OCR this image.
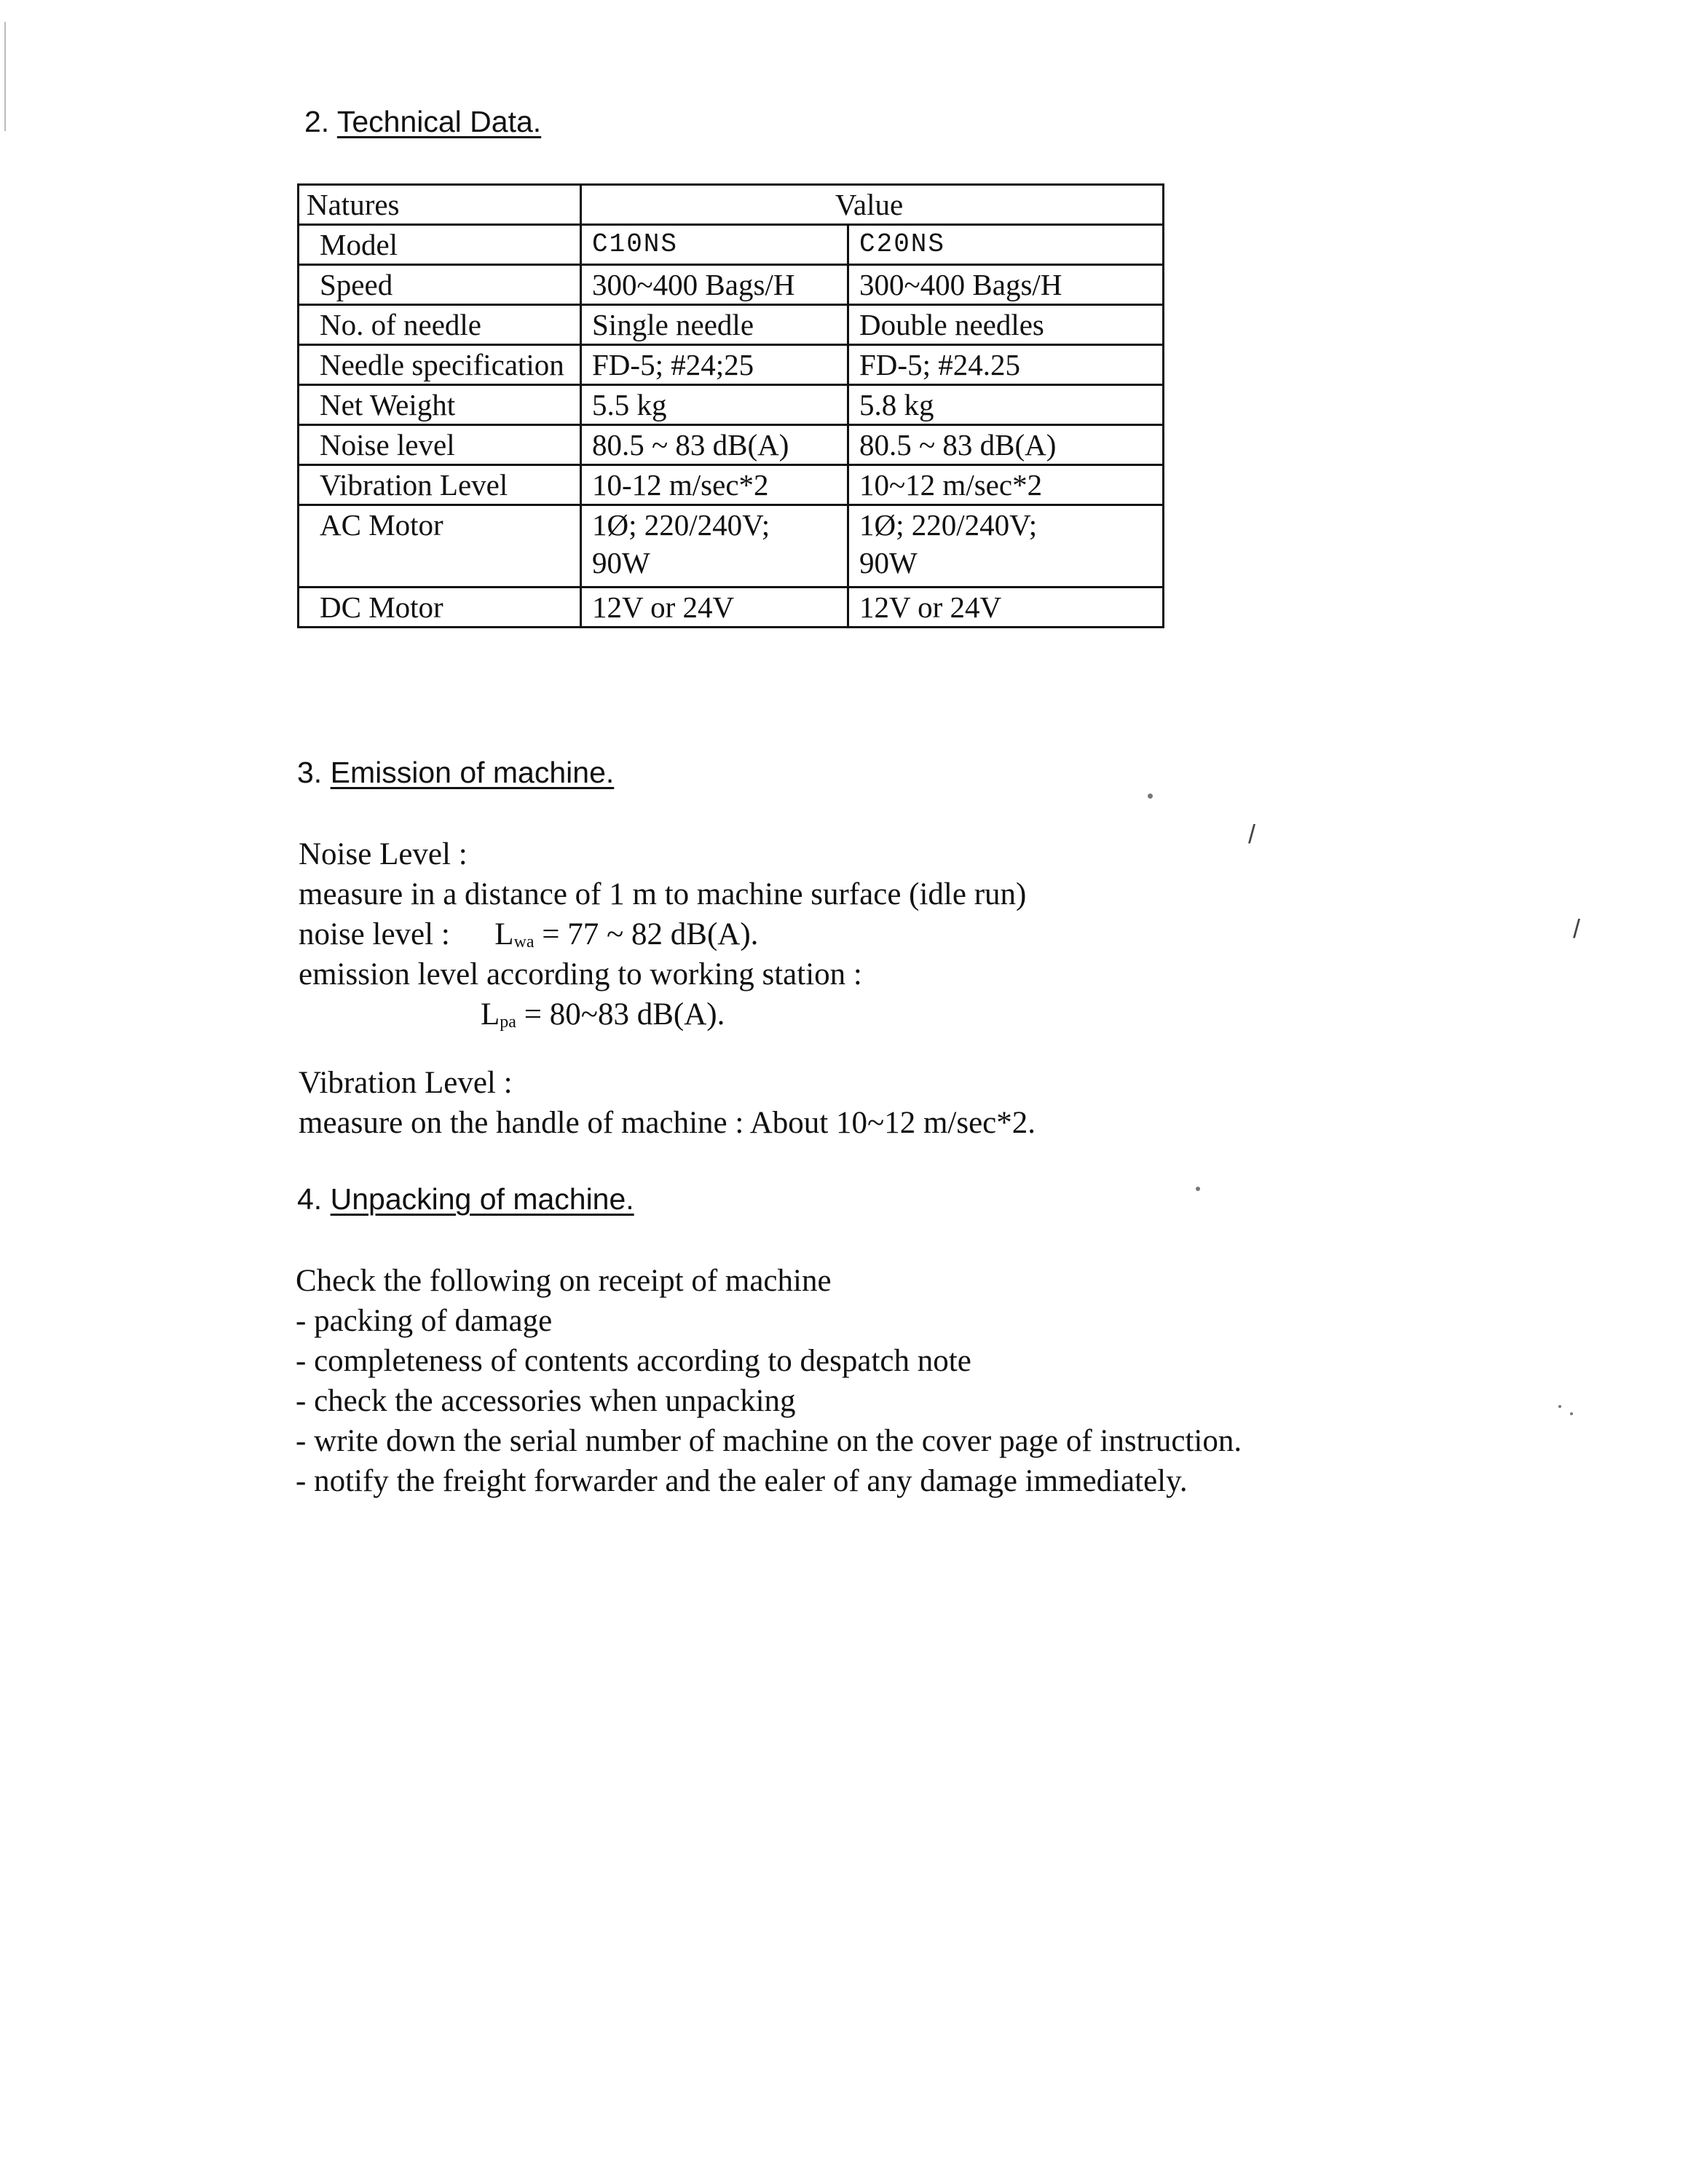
2. Technical Data.
Natures	Value	
Model	C10NS	C20NS
Speed	300~400 Bags/H	300~400 Bags/H
No. of needle	Single needle	Double needles
Needle specification	FD-5; #24;25	FD-5; #24.25
Net Weight	5.5 kg	5.8 kg
Noise level	80.5 ~ 83 dB(A)	80.5 ~ 83 dB(A)
Vibration Level	10-12 m/sec*2	10~12 m/sec*2
AC Motor	1Ø; 220/240V; 90W	1Ø; 220/240V; 90W
DC Motor	12V or 24V	12V or 24V
3. Emission of machine.
Noise Level :
measure in a distance of 1 m to machine surface (idle run)
noise level : Lwa = 77 ~ 82 dB(A).
emission level according to working station :
Lpa = 80~83 dB(A).
Vibration Level :
measure on the handle of machine : About 10~12 m/sec*2.
4. Unpacking of machine.
Check the following on receipt of machine
- packing of damage
- completeness of contents according to despatch note
- check the accessories when unpacking
- write down the serial number of machine on the cover page of instruction.
- notify the freight forwarder and the ealer of any damage immediately.
/
/
